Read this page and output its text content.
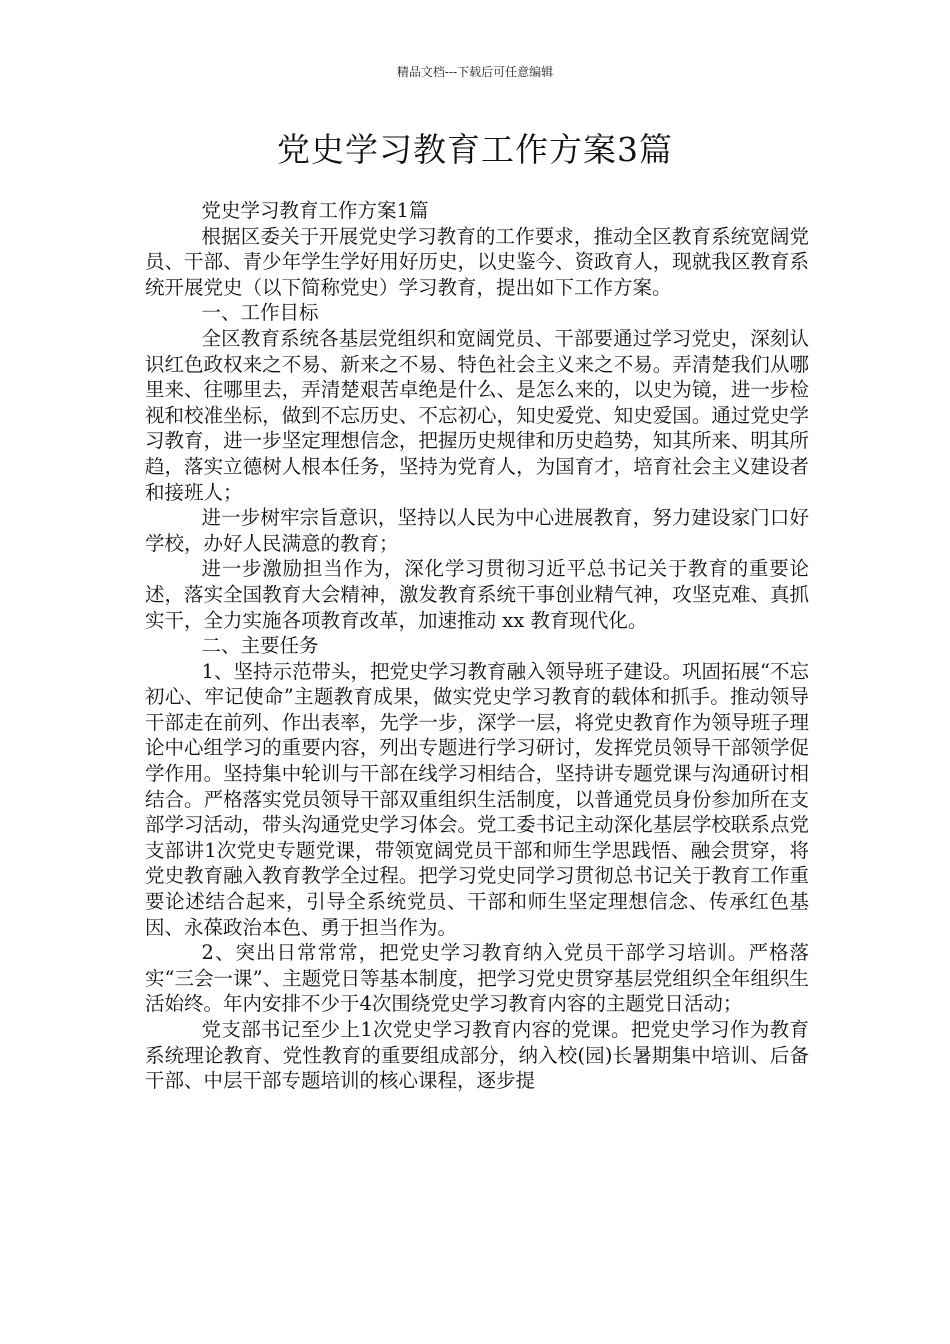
精品文档---下载后可任意编辑
党史学习教育工作方案3篇

党史学习教育工作方案1篇

根据区委关于开展党史学习教育的工作要求，推动全区教育系统宽阔党员、干部、青少年学生学好用好历史，以史鉴今、资政育人，现就我区教育系统开展党史（以下简称党史）学习教育，提出如下工作方案。

一、工作目标

全区教育系统各基层党组织和宽阔党员、干部要通过学习党史，深刻认识红色政权来之不易、新来之不易、特色社会主义来之不易。弄清楚我们从哪里来、往哪里去，弄清楚艰苦卓绝是什么、是怎么来的，以史为镜，进一步检视和校准坐标，做到不忘历史、不忘初心，知史爱党、知史爱国。通过党史学习教育，进一步坚定理想信念，把握历史规律和历史趋势，知其所来、明其所趋，落实立德树人根本任务，坚持为党育人，为国育才，培育社会主义建设者和接班人；

进一步树牢宗旨意识，坚持以人民为中心进展教育，努力建设家门口好学校，办好人民满意的教育；

进一步激励担当作为，深化学习贯彻习近平总书记关于教育的重要论述，落实全国教育大会精神，激发教育系统干事创业精气神，攻坚克难、真抓实干，全力实施各项教育改革，加速推动 xx 教育现代化。

二、主要任务

1、坚持示范带头，把党史学习教育融入领导班子建设。巩固拓展“不忘初心、牢记使命”主题教育成果，做实党史学习教育的载体和抓手。推动领导干部走在前列、作出表率，先学一步，深学一层，将党史教育作为领导班子理论中心组学习的重要内容，列出专题进行学习研讨，发挥党员领导干部领学促学作用。坚持集中轮训与干部在线学习相结合，坚持讲专题党课与沟通研讨相结合。严格落实党员领导干部双重组织生活制度，以普通党员身份参加所在支部学习活动，带头沟通党史学习体会。党工委书记主动深化基层学校联系点党支部讲1次党史专题党课，带领宽阔党员干部和师生学思践悟、融会贯穿，将党史教育融入教育教学全过程。把学习党史同学习贯彻总书记关于教育工作重要论述结合起来，引导全系统党员、干部和师生坚定理想信念、传承红色基因、永葆政治本色、勇于担当作为。

2、突出日常常常，把党史学习教育纳入党员干部学习培训。严格落实“三会一课”、主题党日等基本制度，把学习党史贯穿基层党组织全年组织生活始终。年内安排不少于4次围绕党史学习教育内容的主题党日活动；

党支部书记至少上1次党史学习教育内容的党课。把党史学习作为教育系统理论教育、党性教育的重要组成部分，纳入校(园)长暑期集中培训、后备干部、中层干部专题培训的核心课程，逐步提
